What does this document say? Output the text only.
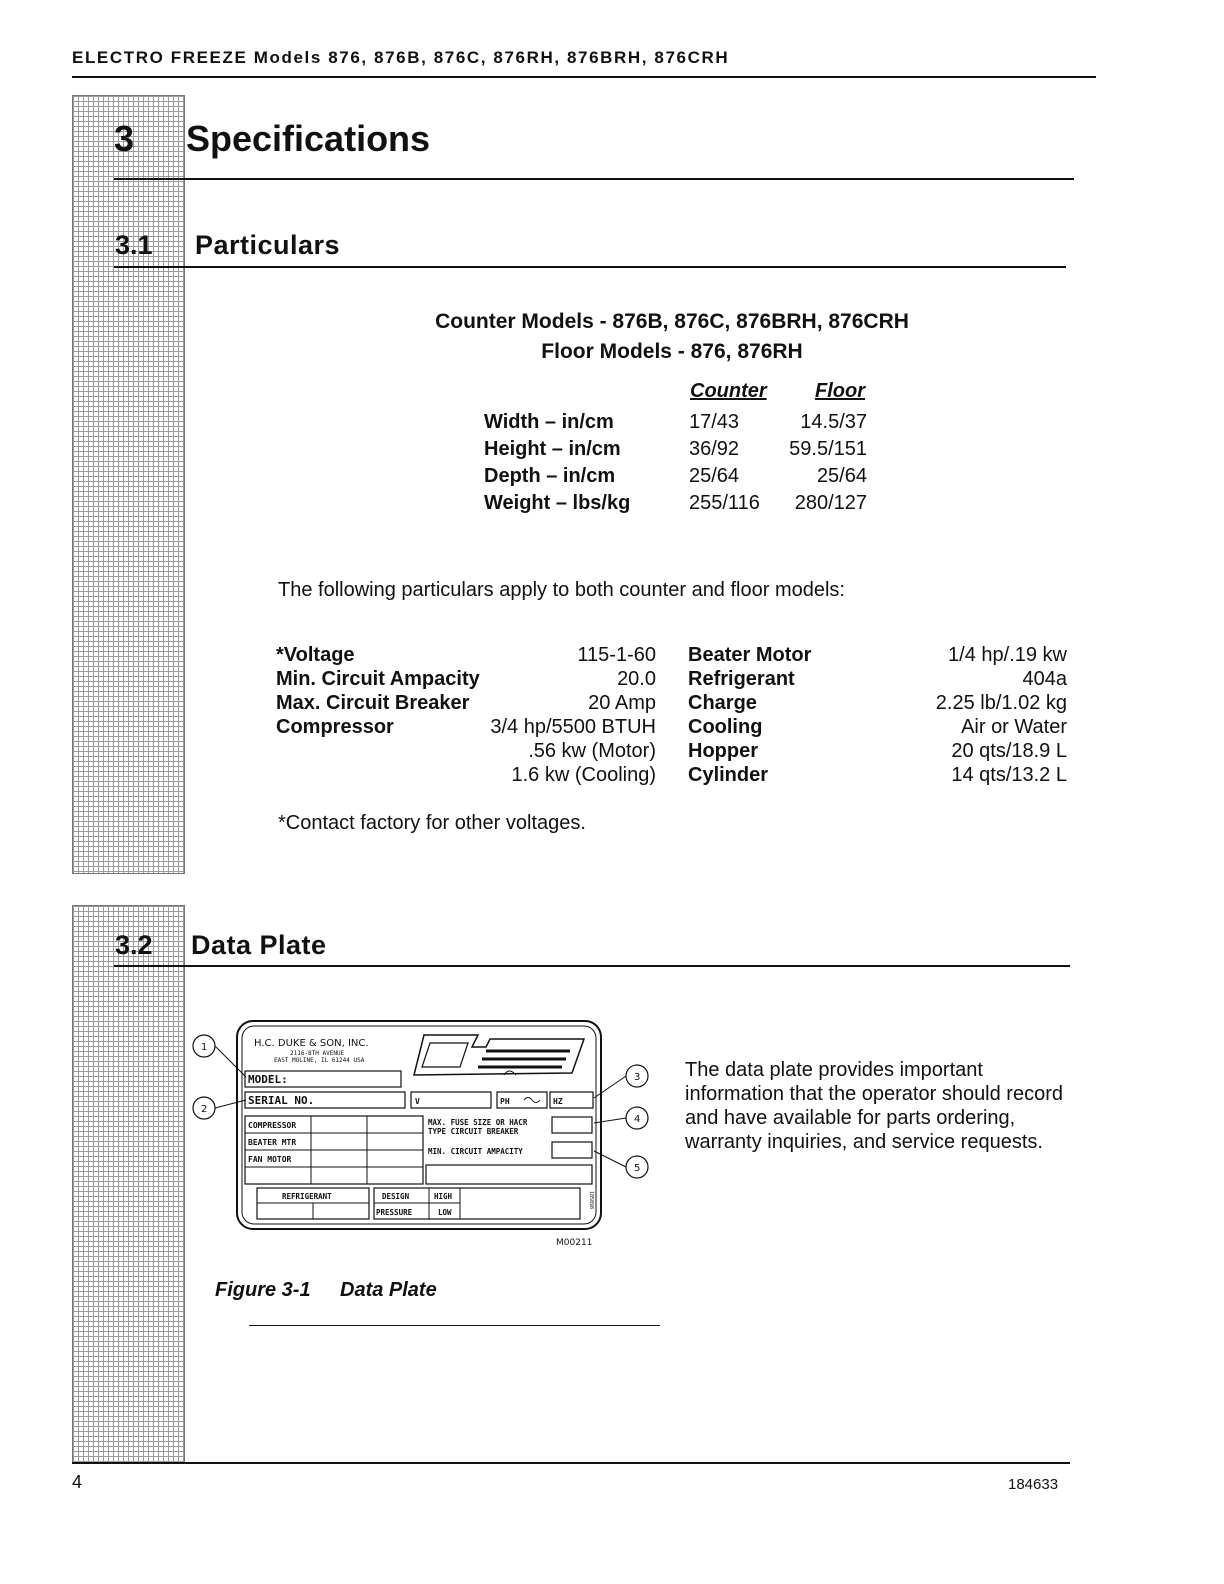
ELECTRO FREEZE Models 876, 876B, 876C, 876RH, 876BRH, 876CRH
3 Specifications
3.1 Particulars
Counter Models - 876B, 876C, 876BRH, 876CRH
Floor Models - 876, 876RH
Counter Floor
Width – in/cm	17/43	14.5/37
Height – in/cm	36/92	59.5/151
Depth – in/cm	25/64	25/64
Weight – lbs/kg	255/116	280/127
The following particulars apply to both counter and floor models:
*Voltage	115-1-60
Min. Circuit Ampacity	20.0
Max. Circuit Breaker	20 Amp
Compressor	3/4 hp/5500 BTUH
.56 kw (Motor)
1.6 kw (Cooling)
Beater Motor	1/4 hp/.19 kw
Refrigerant	404a
Charge	2.25 lb/1.02 kg
Cooling	Air or Water
Hopper	20 qts/18.9 L
Cylinder	14 qts/13.2 L
*Contact factory for other voltages.
3.2 Data Plate
H.C. DUKE & SON, INC.
2116-8TH AVENUE
EAST MOLINE, IL 61244 USA
MODEL:
SERIAL NO.	V	PH	HZ
COMPRESSOR
BEATER MTR
FAN MOTOR
MAX. FUSE SIZE OR HACR
TYPE CIRCUIT BREAKER
MIN. CIRCUIT AMPACITY
REFRIGERANT	DESIGN
PRESSURE
HIGH
LOW
185098
M00211
1
2
3
4
5
The data plate provides important information that the operator should record and have available for parts ordering, warranty inquiries, and service requests.
Figure 3-1 Data Plate
4	184633
